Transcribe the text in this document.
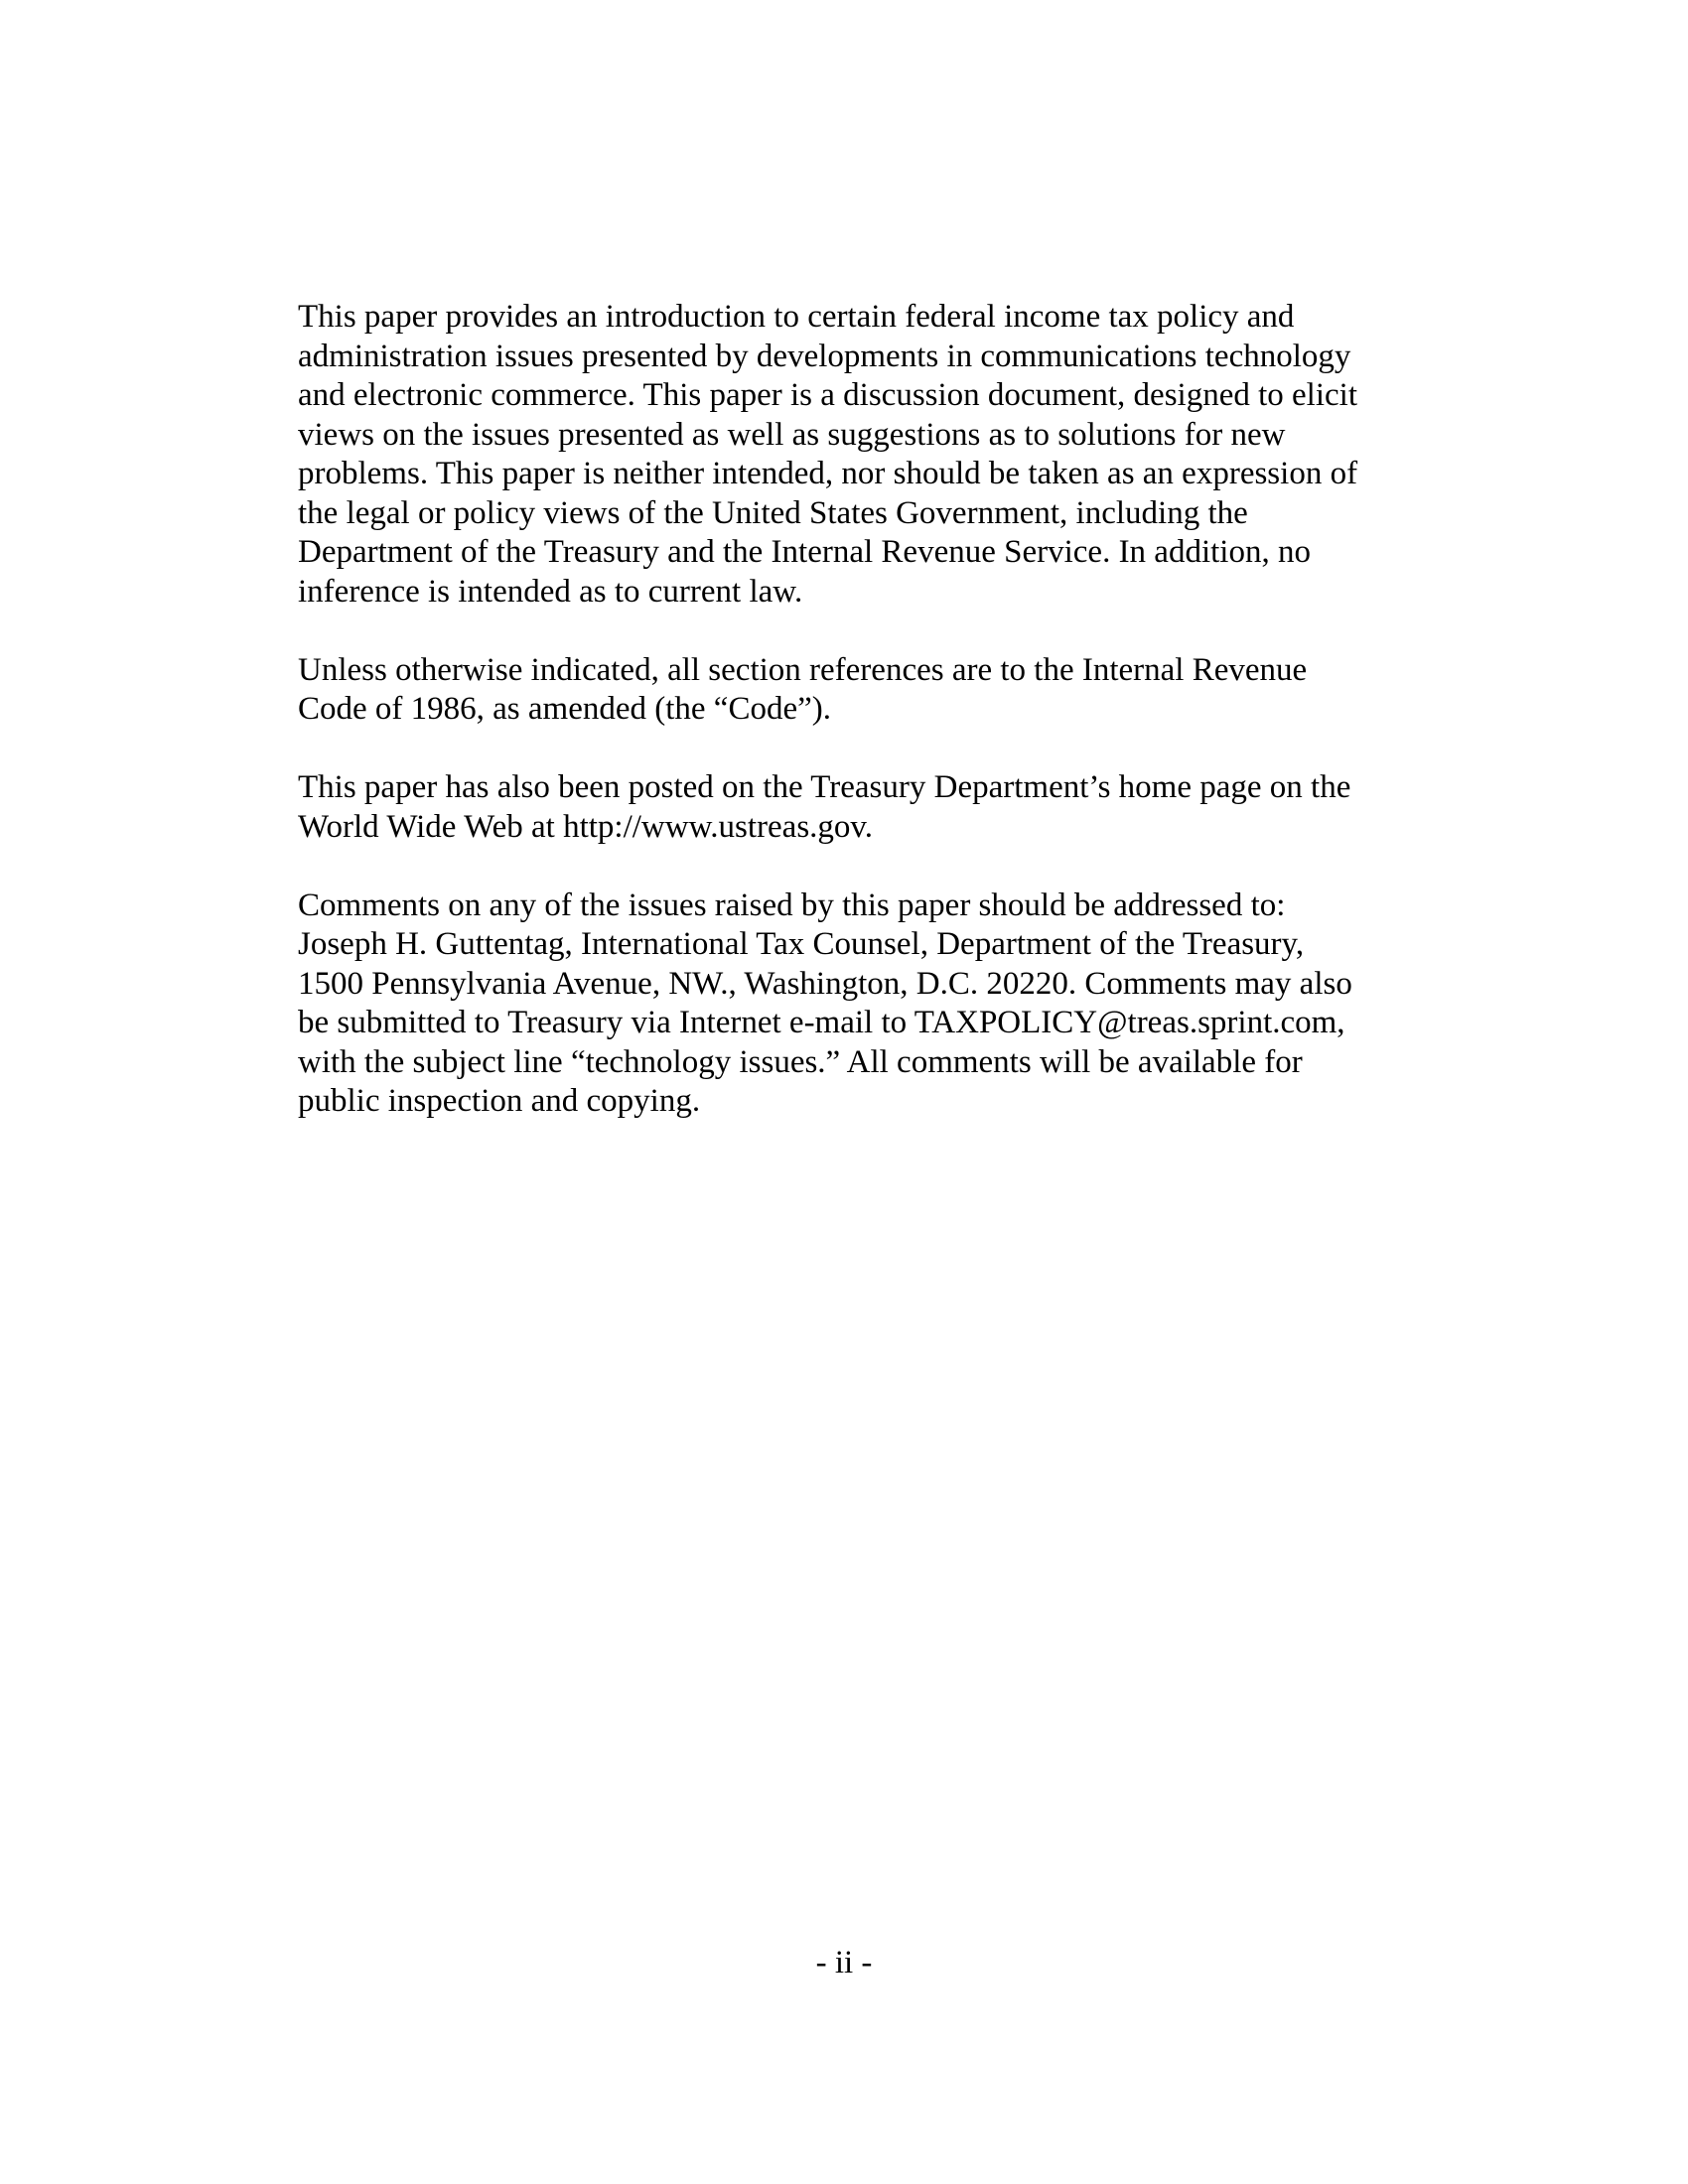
This paper provides an introduction to certain federal income tax policy and
administration issues presented by developments in communications technology
and electronic commerce. This paper is a discussion document, designed to elicit
views on the issues presented as well as suggestions as to solutions for new
problems. This paper is neither intended, nor should be taken as an expression of
the legal or policy views of the United States Government, including the
Department of the Treasury and the Internal Revenue Service. In addition, no
inference is intended as to current law.
Unless otherwise indicated, all section references are to the Internal Revenue
Code of 1986, as amended (the “Code”).
This paper has also been posted on the Treasury Department’s home page on the
World Wide Web at http://www.ustreas.gov.
Comments on any of the issues raised by this paper should be addressed to:
Joseph H. Guttentag, International Tax Counsel, Department of the Treasury,
1500 Pennsylvania Avenue, NW., Washington, D.C. 20220. Comments may also
be submitted to Treasury via Internet e-mail to TAXPOLICY@treas.sprint.com,
with the subject line “technology issues.” All comments will be available for
public inspection and copying.
- ii -
